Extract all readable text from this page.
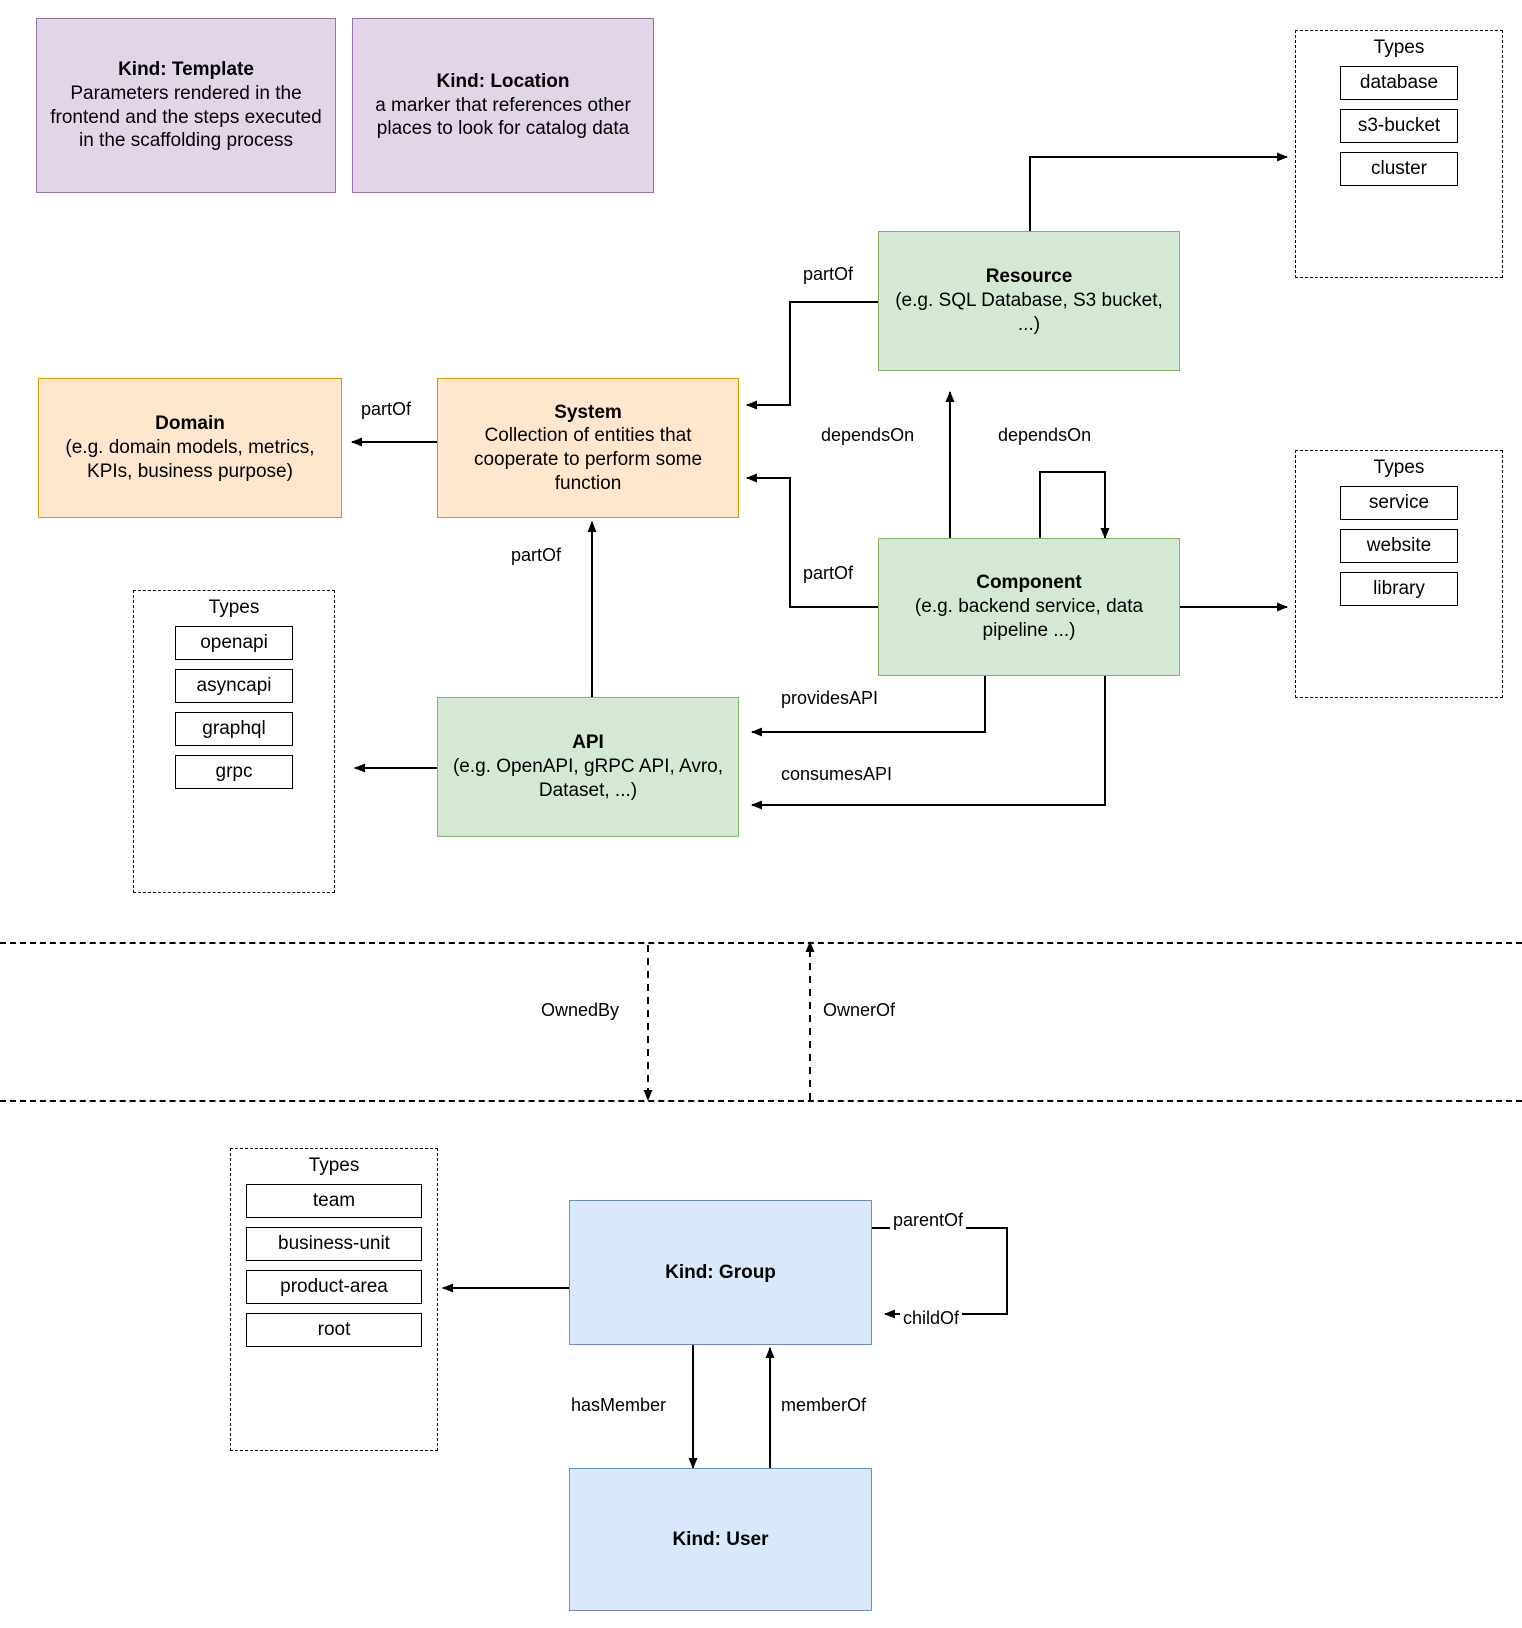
Kind: Template
Parameters rendered in the frontend and the steps executed in the scaffolding process
Kind: Location
a marker that references other places to look for catalog data
Resource
(e.g. SQL Database, S3 bucket, ...)
Types
database
s3-bucket
cluster
Domain
(e.g. domain models, metrics, KPIs, business purpose)
System
Collection of entities that cooperate to perform some function
Component
(e.g. backend service, data pipeline ...)
Types
service
website
library
API
(e.g. OpenAPI, gRPC API, Avro, Dataset, ...)
Types
openapi
asyncapi
graphql
grpc
Types
team
business-unit
product-area
root
Kind: Group
Kind: User
partOf
partOf
dependsOn	dependsOn
partOf
partOf
providesAPI
consumesAPI
OwnedBy	OwnerOf
parentOf
childOf
hasMember	memberOf
